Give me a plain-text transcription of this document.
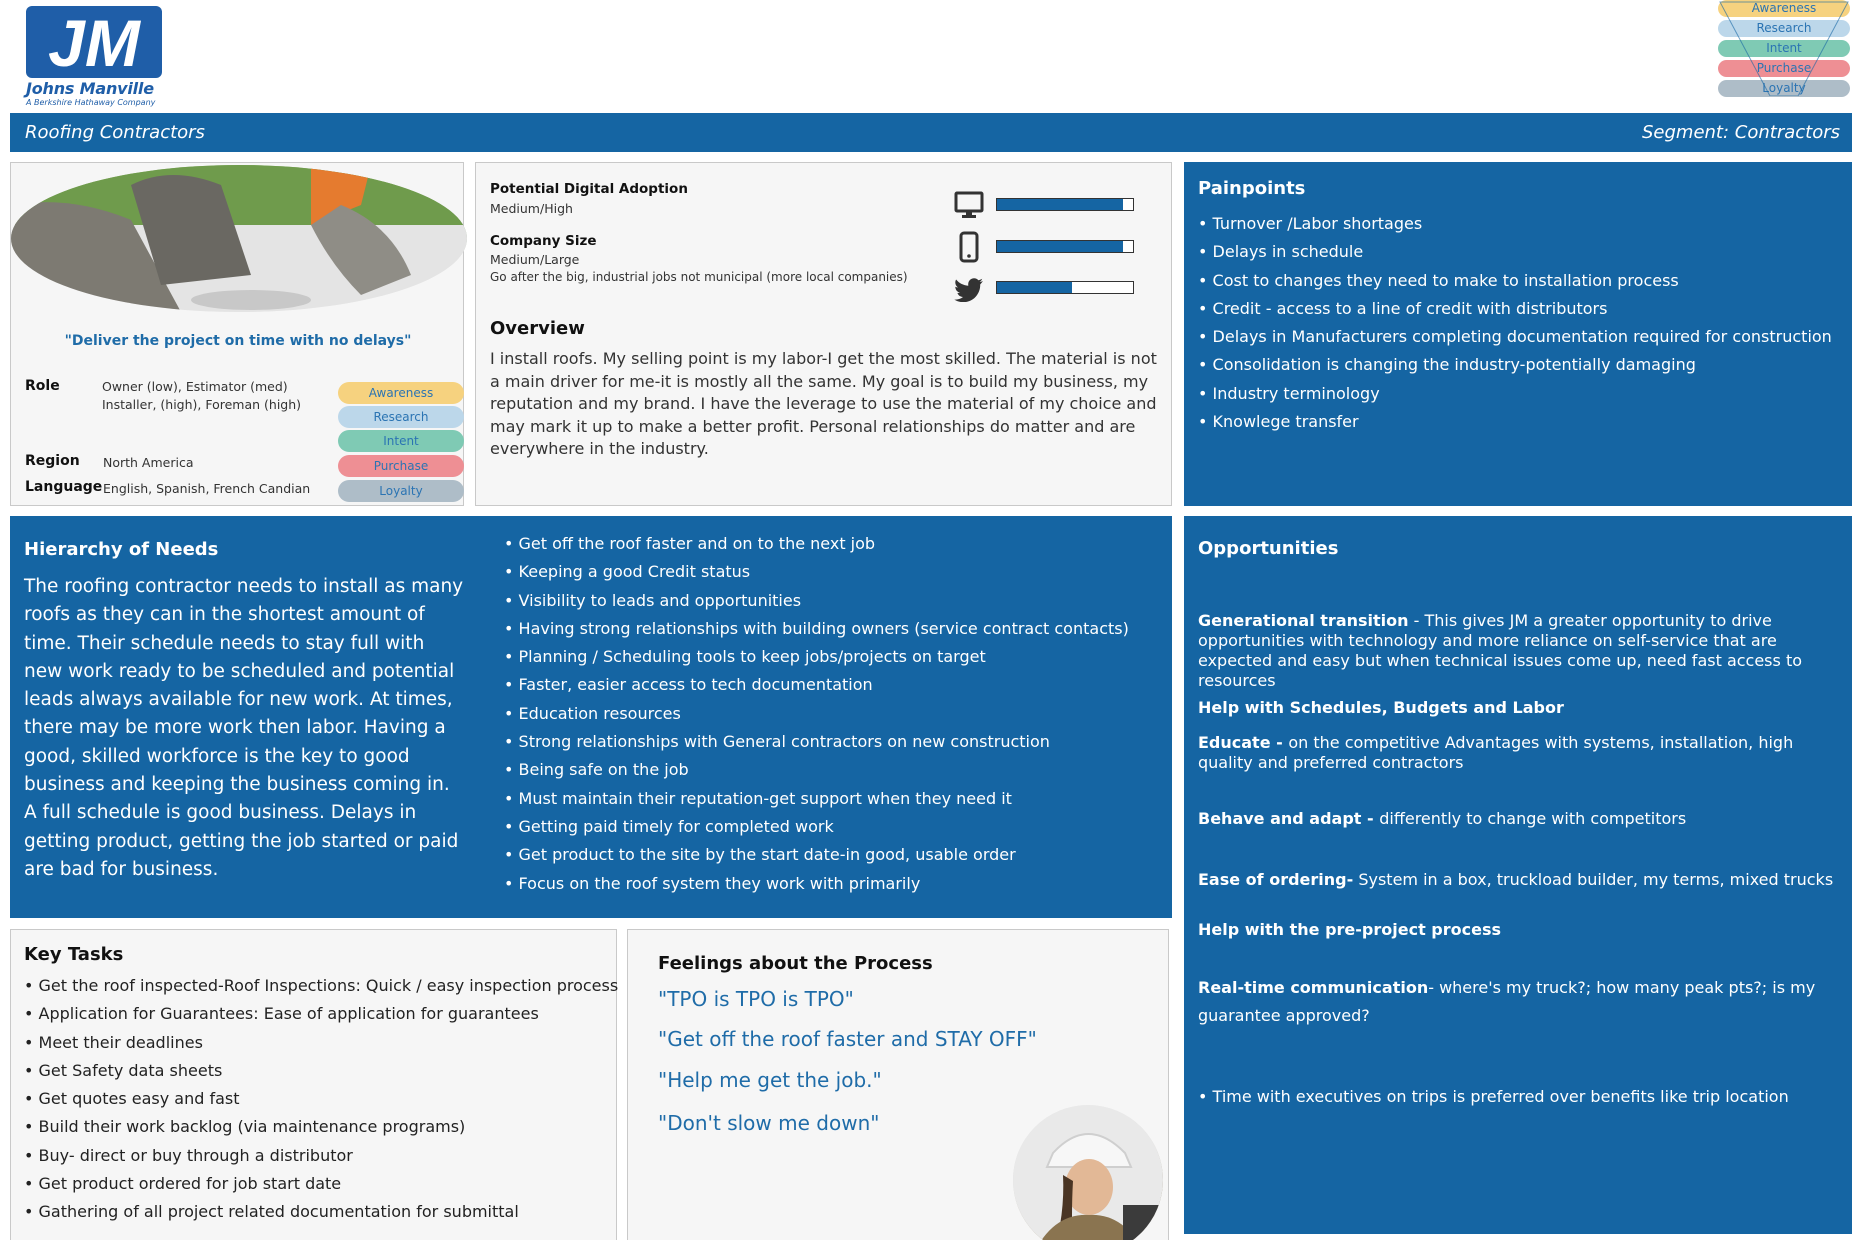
JM
Johns Manville
A Berkshire Hathaway Company
Awareness
Research
Intent
Purchase
Loyalty
Roofing Contractors	Segment: Contractors
"Deliver the project on time with no delays"
Role	Owner (low), Estimator (med)
Installer, (high), Foreman (high)
Region North America
Language English, Spanish, French Candian
Awareness
Research
Intent
Purchase
Loyalty
Potential Digital Adoption
Medium/High
Company Size
Medium/Large
Go after the big, industrial jobs not municipal (more local companies)
Overview
I install roofs. My selling point is my labor-I get the most skilled. The material is not a main driver for me-it is mostly all the same. My goal is to build my business, my reputation and my brand. I have the leverage to use the material of my choice and may mark it up to make a better profit. Personal relationships do matter and are everywhere in the industry.
Painpoints
• Turnover /Labor shortages
• Delays in schedule
• Cost to changes they need to make to installation process
• Credit - access to a line of credit with distributors
• Delays in Manufacturers completing documentation required for construction
• Consolidation is changing the industry-potentially damaging
• Industry terminology
• Knowlege transfer
Hierarchy of Needs
The roofing contractor needs to install as many roofs as they can in the shortest amount of time. Their schedule needs to stay full with new work ready to be scheduled and potential leads always available for new work. At times, there may be more work then labor. Having a good, skilled workforce is the key to good business and keeping the business coming in. A full schedule is good business. Delays in getting product, getting the job started or paid are bad for business.
• Get off the roof faster and on to the next job
• Keeping a good Credit status
• Visibility to leads and opportunities
• Having strong relationships with building owners (service contract contacts)
• Planning / Scheduling tools to keep jobs/projects on target
• Faster, easier access to tech documentation
• Education resources
• Strong relationships with General contractors on new construction
• Being safe on the job
• Must maintain their reputation-get support when they need it
• Getting paid timely for completed work
• Get product to the site by the start date-in good, usable order
• Focus on the roof system they work with primarily
Opportunities
Generational transition - This gives JM a greater opportunity to drive opportunities with technology and more reliance on self-service that are expected and easy but when technical issues come up, need fast access to resources
Help with Schedules, Budgets and Labor
Educate - on the competitive Advantages with systems, installation, high quality and preferred contractors
Behave and adapt - differently to change with competitors
Ease of ordering- System in a box, truckload builder, my terms, mixed trucks
Help with the pre-project process
Real-time communication- where's my truck?; how many peak pts?; is my guarantee approved?
• Time with executives on trips is preferred over benefits like trip location
Key Tasks
• Get the roof inspected-Roof Inspections: Quick / easy inspection process
• Application for Guarantees: Ease of application for guarantees
• Meet their deadlines
• Get Safety data sheets
• Get quotes easy and fast
• Build their work backlog (via maintenance programs)
• Buy- direct or buy through a distributor
• Get product ordered for job start date
• Gathering of all project related documentation for submittal
Feelings about the Process
"TPO is TPO is TPO"
"Get off the roof faster and STAY OFF"
"Help me get the job."
"Don't slow me down"
